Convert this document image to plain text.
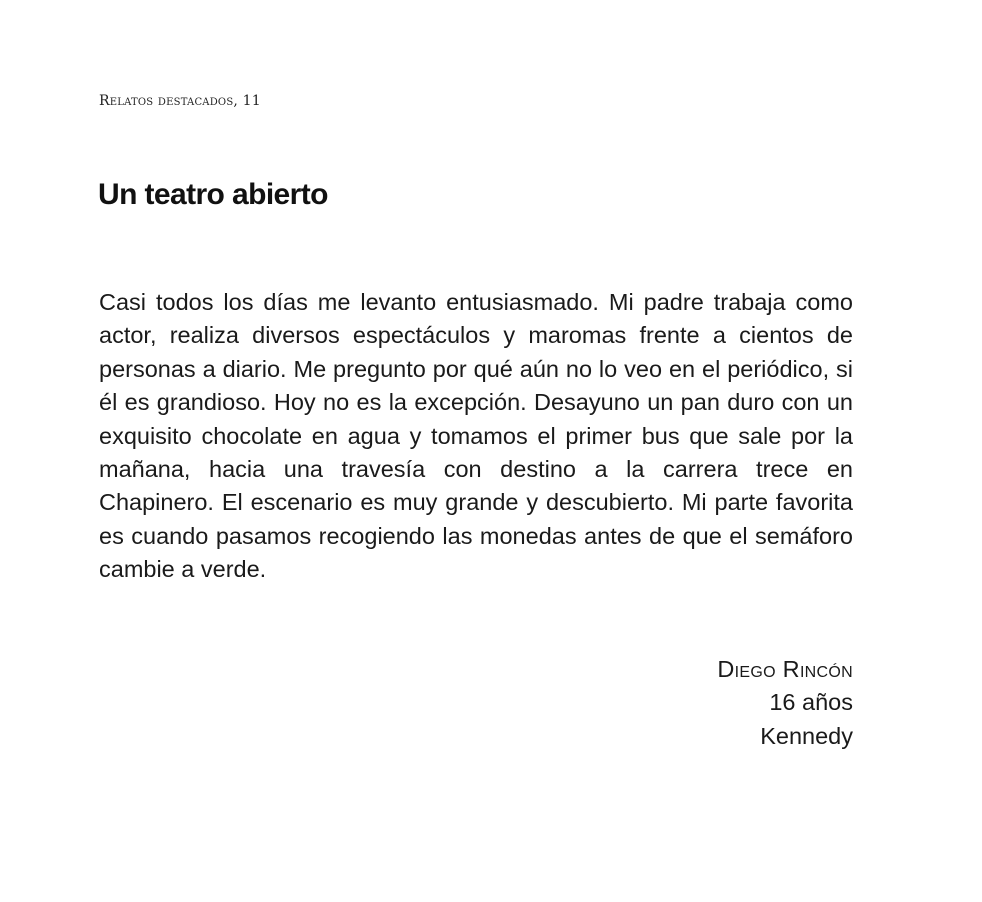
Relatos destacados, 11
Un teatro abierto

Casi todos los días me levanto entusiasmado. Mi padre trabaja como actor, realiza diversos espectáculos y maromas frente a cientos de personas a diario. Me pregunto por qué aún no lo veo en el periódico, si él es grandioso. Hoy no es la excepción. Desayuno un pan duro con un exquisito chocolate en agua y tomamos el primer bus que sale por la mañana, hacia una travesía con destino a la carrera trece en Chapinero. El escenario es muy grande y descubierto. Mi parte favorita es cuando pasamos recogiendo las monedas antes de que el semáforo cambie a verde.

Diego Rincón
16 años
Kennedy
